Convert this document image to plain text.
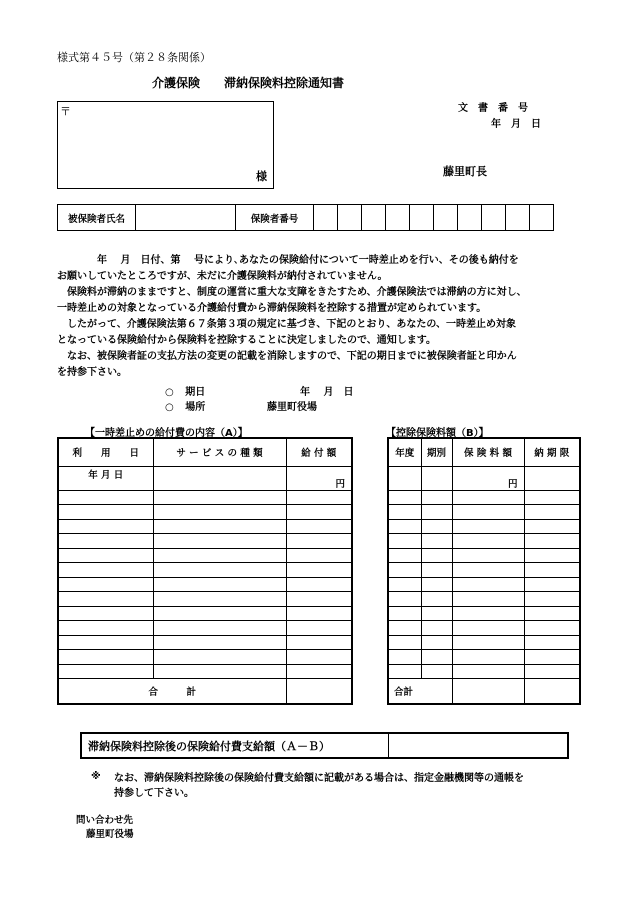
様式第４５号（第２８条関係）
介護保険　　滞納保険料控除通知書
文　書　番　号
年　月　日
〒
様	藤里町長
被保険者氏名		保険者番号										

　　　　年　 月　日付、第　 号により､あなたの保険給付について一時差止めを行い、その後も納付を

お願いしていたところですが、未だに介護保険料が納付されていません。

　保険料が滞納のままですと、制度の運営に重大な支障をきたすため、介護保険法では滞納の方に対し、

一時差止めの対象となっている介護給付費から滞納保険料を控除する措置が定められています。

　したがって、介護保険法第６７条第３項の規定に基づき、下記のとおり、あなたの、一時差止め対象

となっている保険給付から保険料を控除することに決定しましたので、通知します。

　なお、被保険者証の支払方法の変更の記載を消除しますので、下記の期日までに被保険者証と印かん

を持参下さい。

○ 期日	年　 月　日
○ 場所	藤里町役場
【一時差止めの給付費の内容（A）】
利　　用　　日	サ ー ビ ス の 種 類	給 付 額
年 月 日		円

合　　　計		
【控除保険料額（B）】
年度	期別	保 険 料 額	納 期 限
		円	

合計			
滞納保険料控除後の保険給付費支給額（Ａ－Ｂ）	
※ なお、滞納保険料控除後の保険給付費支給額に記載がある場合は、指定金融機関等の通帳を
持参して下さい。
問い合わせ先
藤里町役場
